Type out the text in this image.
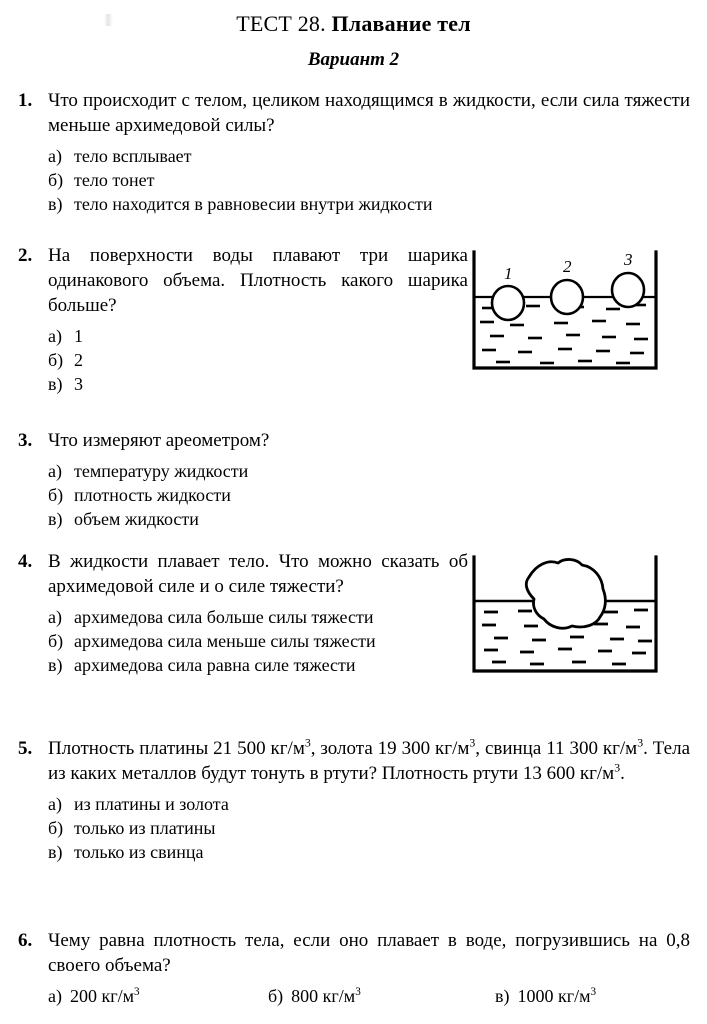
ТЕСТ 28. Плавание тел
Вариант 2
1. Что происходит с телом, целиком находящимся в жидкости, если сила тяжести меньше архимедовой силы?
а) тело всплывает
б) тело тонет
в) тело находится в равновесии внутри жидкости
2. На поверхности воды плавают три шарика одинакового объема. Плотность какого шарика больше?
а) 1
б) 2
в) 3
1	2	3
3. Что измеряют ареометром?
а) температуру жидкости
б) плотность жидкости
в) объем жидкости
4. В жидкости плавает тело. Что можно сказать об архимедовой силе и о силе тяжести?
а) архимедова сила больше силы тяжести
б) архимедова сила меньше силы тяжести
в) архимедова сила равна силе тяжести
5. Плотность платины 21 500 $кг/м^3$, золота 19 300 $кг/м^3$, свинца 11 300 $кг/м^3$. Тела из каких металлов будут тонуть в ртути? Плотность ртути 13 600 $кг/м^3$.
а) из платины и золота
б) только из платины
в) только из свинца
6. Чему равна плотность тела, если оно плавает в воде, погрузившись на 0,8 своего объема?
а) 200 $кг/м^3$	б) 800 $кг/м^3$	в) 1000 $кг/м^3$
